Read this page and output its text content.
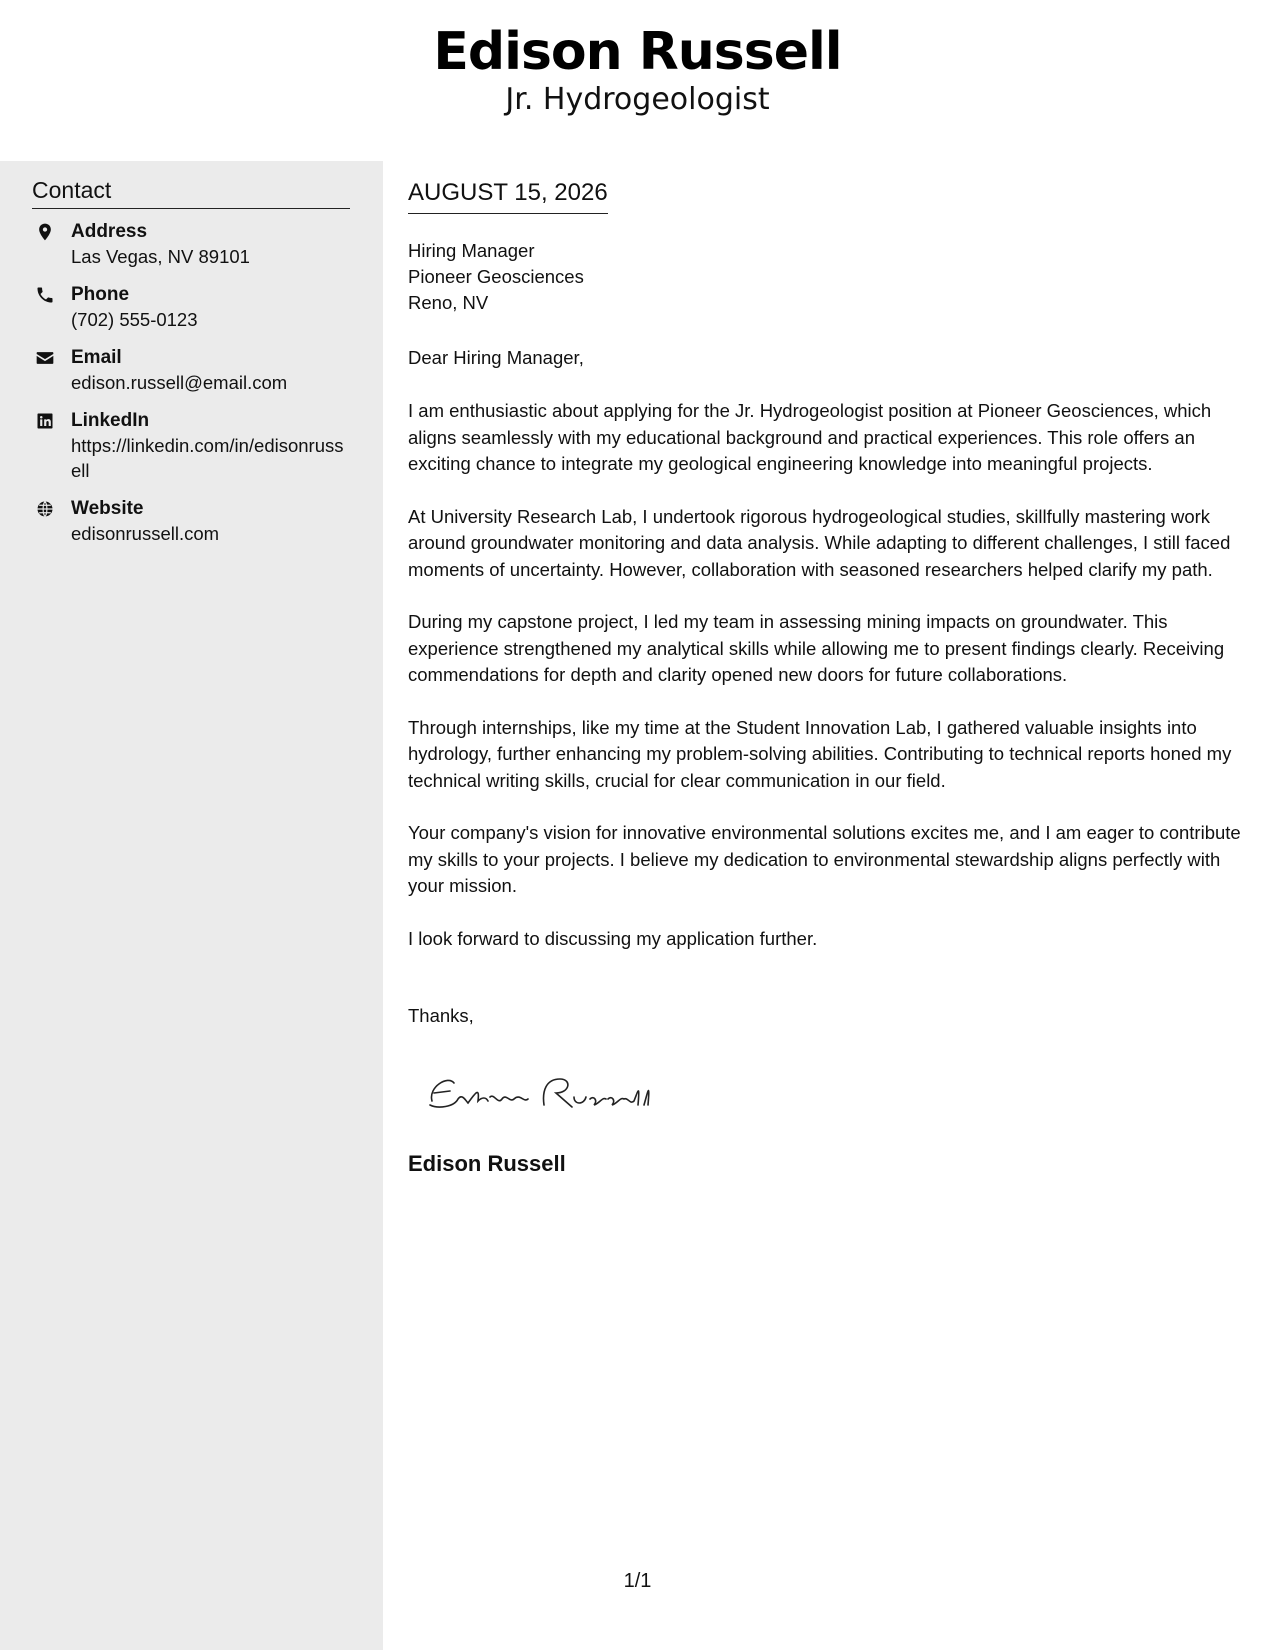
Edison Russell
Jr. Hydrogeologist
Contact
Address
Las Vegas, NV 89101
Phone
(702) 555-0123
Email
edison.russell@email.com
LinkedIn
https://linkedin.com/in/edisonrussell
Website
edisonrussell.com
AUGUST 15, 2026
Hiring Manager
Pioneer Geosciences
Reno, NV
Dear Hiring Manager,

I am enthusiastic about applying for the Jr. Hydrogeologist position at Pioneer Geosciences, which aligns seamlessly with my educational background and practical experiences. This role offers an exciting chance to integrate my geological engineering knowledge into meaningful projects.

At University Research Lab, I undertook rigorous hydrogeological studies, skillfully mastering work around groundwater monitoring and data analysis. While adapting to different challenges, I still faced moments of uncertainty. However, collaboration with seasoned researchers helped clarify my path.

During my capstone project, I led my team in assessing mining impacts on groundwater. This experience strengthened my analytical skills while allowing me to present findings clearly. Receiving commendations for depth and clarity opened new doors for future collaborations.

Through internships, like my time at the Student Innovation Lab, I gathered valuable insights into hydrology, further enhancing my problem-solving abilities. Contributing to technical reports honed my technical writing skills, crucial for clear communication in our field.

Your company's vision for innovative environmental solutions excites me, and I am eager to contribute my skills to your projects. I believe my dedication to environmental stewardship aligns perfectly with your mission.

I look forward to discussing my application further.

Thanks,
Edison Russell
1/1
